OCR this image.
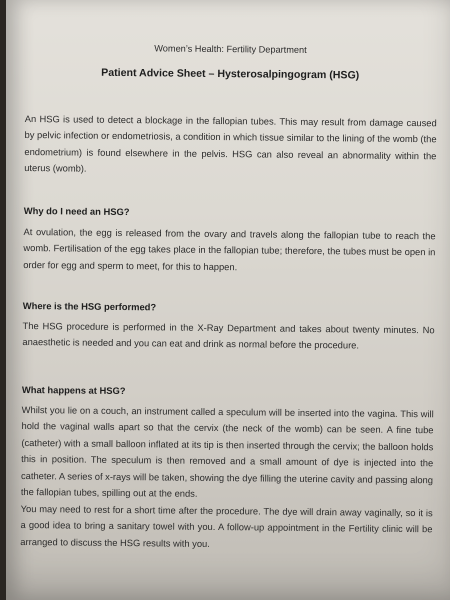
Women’s Health: Fertility Department
Patient Advice Sheet – Hysterosalpingogram (HSG)

An HSG is used to detect a blockage in the fallopian tubes. This may result from damage caused by pelvic infection or endometriosis, a condition in which tissue similar to the lining of the womb (the endometrium) is found elsewhere in the pelvis. HSG can also reveal an abnormality within the uterus (womb).

Why do I need an HSG?

At ovulation, the egg is released from the ovary and travels along the fallopian tube to reach the womb. Fertilisation of the egg takes place in the fallopian tube; therefore, the tubes must be open in order for egg and sperm to meet, for this to happen.

Where is the HSG performed?

The HSG procedure is performed in the X-Ray Department and takes about twenty minutes. No anaesthetic is needed and you can eat and drink as normal before the procedure.

What happens at HSG?

Whilst you lie on a couch, an instrument called a speculum will be inserted into the vagina. This will hold the vaginal walls apart so that the cervix (the neck of the womb) can be seen. A fine tube (catheter) with a small balloon inflated at its tip is then inserted through the cervix; the balloon holds this in position. The speculum is then removed and a small amount of dye is injected into the catheter. A series of x-rays will be taken, showing the dye filling the uterine cavity and passing along the fallopian tubes, spilling out at the ends.

You may need to rest for a short time after the procedure. The dye will drain away vaginally, so it is a good idea to bring a sanitary towel with you. A follow-up appointment in the Fertility clinic will be arranged to discuss the HSG results with you.
